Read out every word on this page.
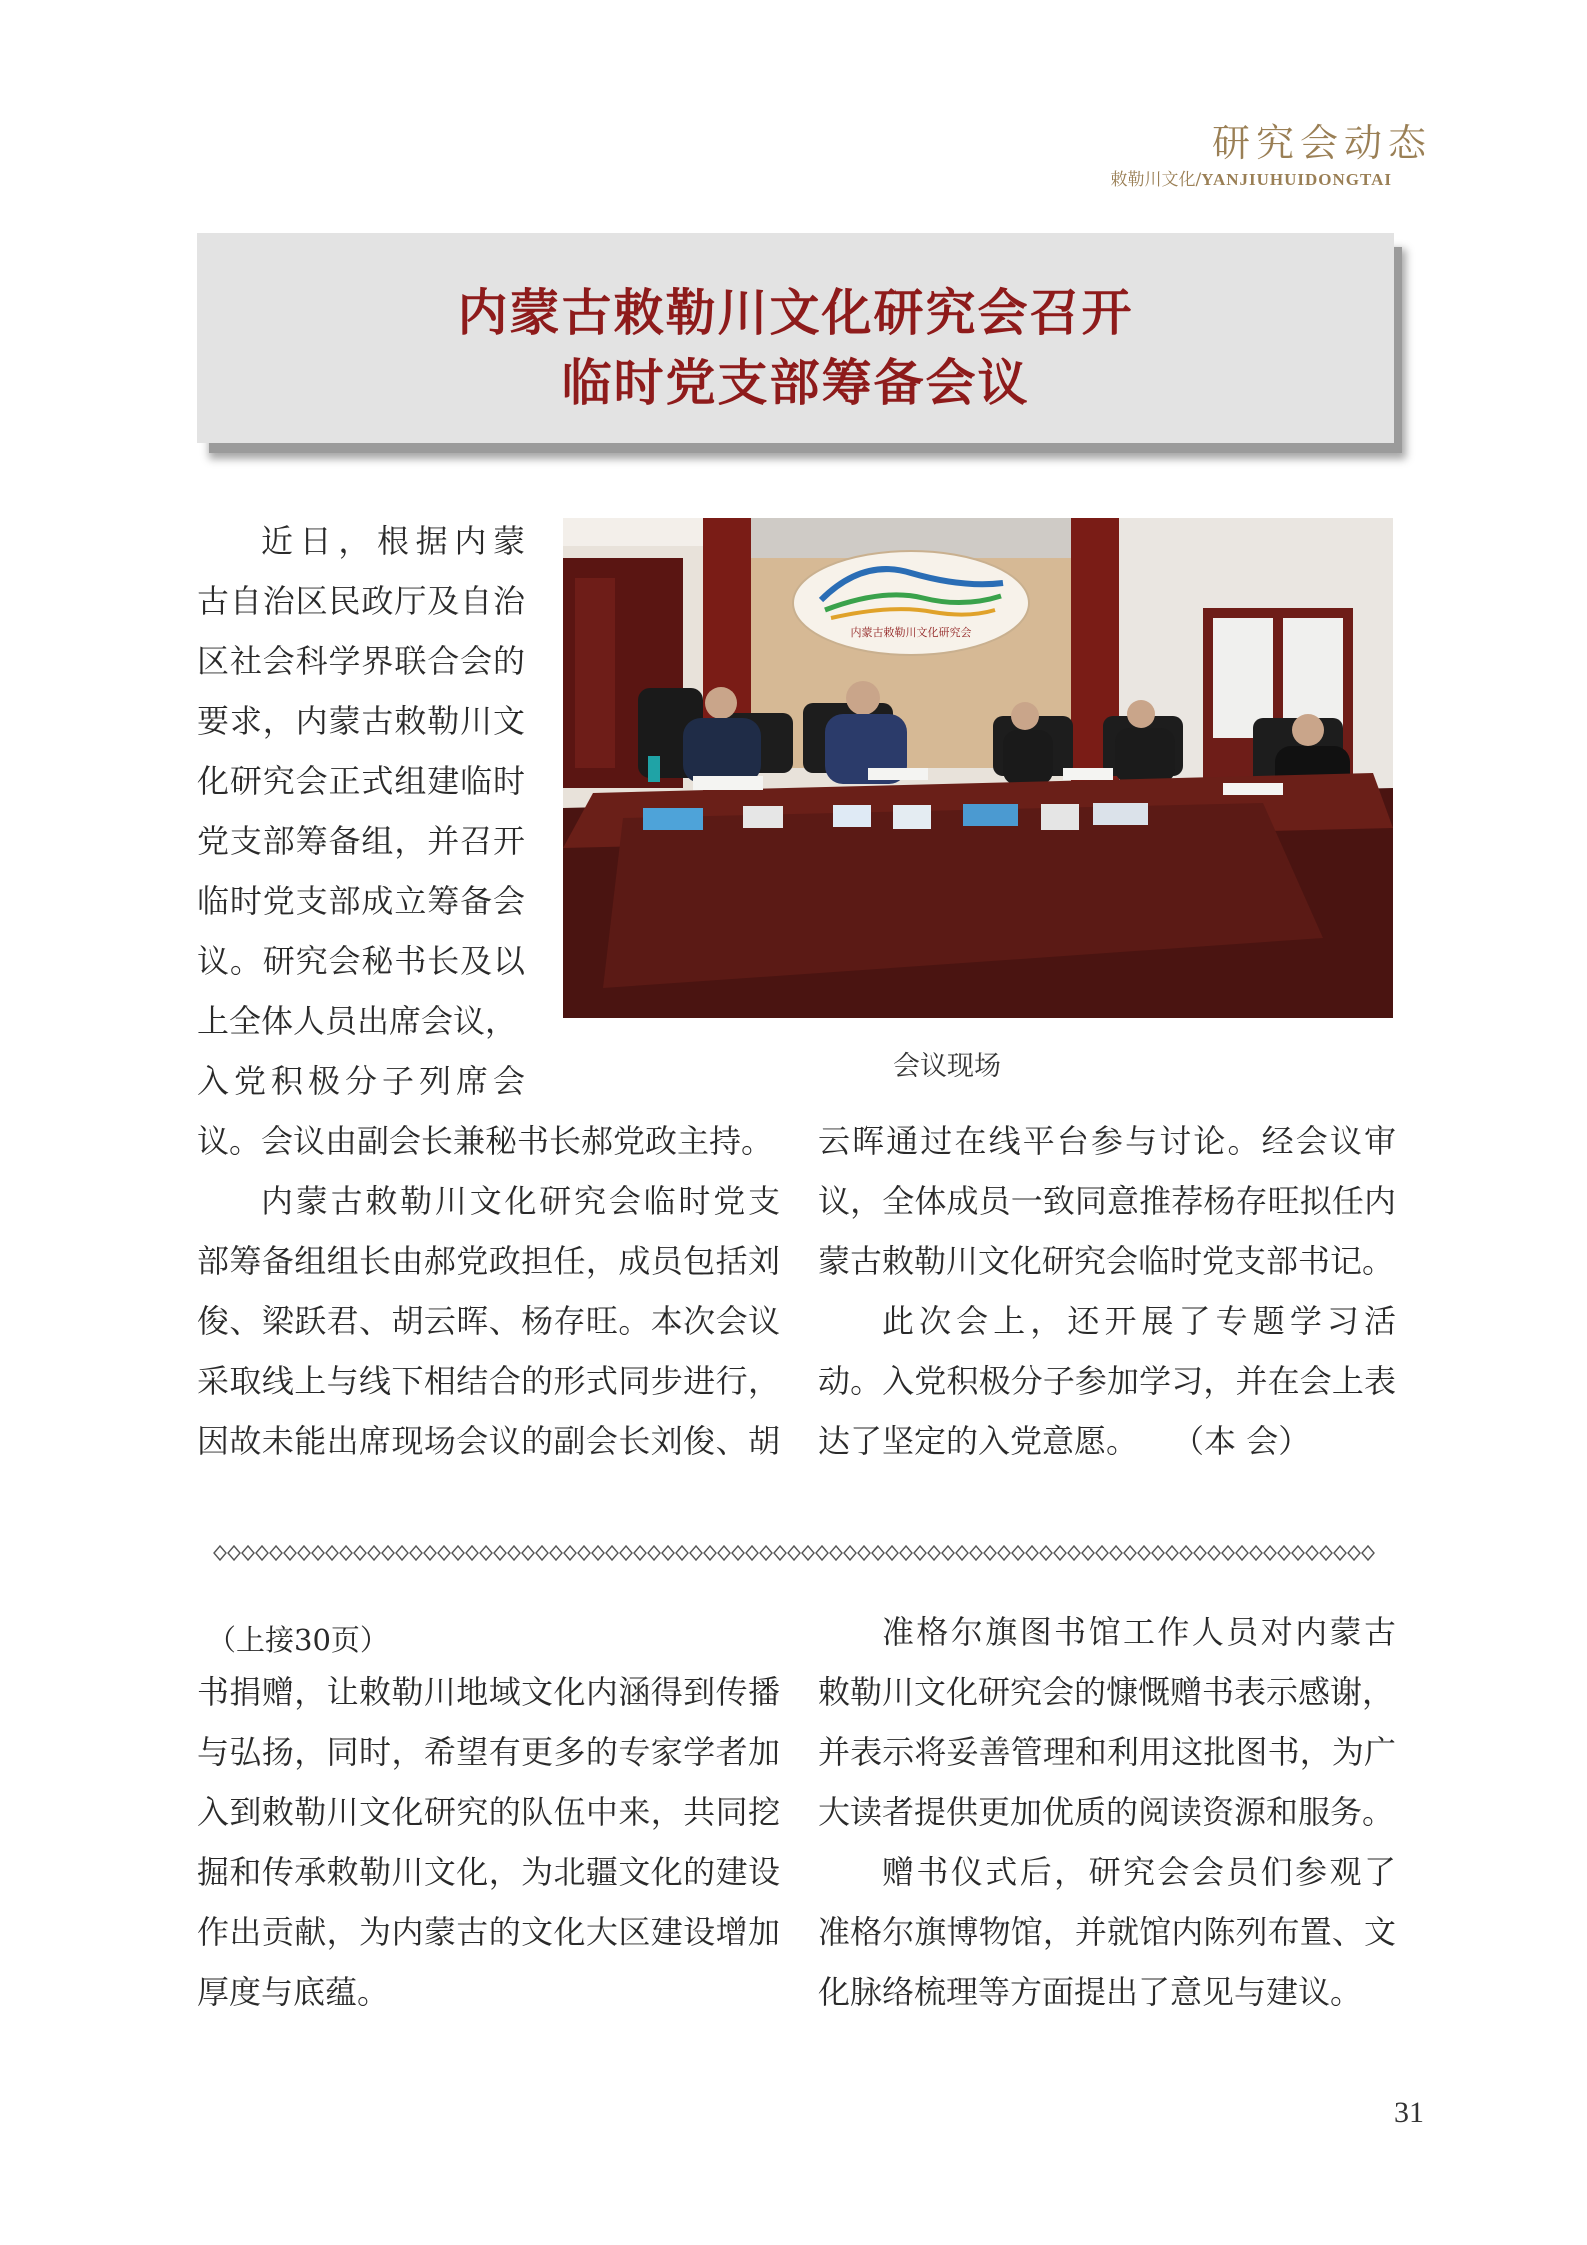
研究会动态
敕勒川文化/YANJIUHUIDONGTAI
内蒙古敕勒川文化研究会召开
临时党支部筹备会议
内蒙古敕勒川文化研究会
会议现场
近日，根据内蒙
古自治区民政厅及自治
区社会科学界联合会的
要求，内蒙古敕勒川文
化研究会正式组建临时
党支部筹备组，并召开
临时党支部成立筹备会
议。研究会秘书长及以
上全体人员出席会议，
入党积极分子列席会
议。会议由副会长兼秘书长郝党政主持。
内蒙古敕勒川文化研究会临时党支
部筹备组组长由郝党政担任，成员包括刘
俊、梁跃君、胡云晖、杨存旺。本次会议
采取线上与线下相结合的形式同步进行，
因故未能出席现场会议的副会长刘俊、胡
云晖通过在线平台参与讨论。经会议审
议，全体成员一致同意推荐杨存旺拟任内
蒙古敕勒川文化研究会临时党支部书记。
此次会上，还开展了专题学习活
动。入党积极分子参加学习，并在会上表
达了坚定的入党意愿。 （本 会）
（上接30页）
书捐赠，让敕勒川地域文化内涵得到传播
与弘扬，同时，希望有更多的专家学者加
入到敕勒川文化研究的队伍中来，共同挖
掘和传承敕勒川文化，为北疆文化的建设
作出贡献，为内蒙古的文化大区建设增加
厚度与底蕴。
准格尔旗图书馆工作人员对内蒙古
敕勒川文化研究会的慷慨赠书表示感谢，
并表示将妥善管理和利用这批图书，为广
大读者提供更加优质的阅读资源和服务。
赠书仪式后，研究会会员们参观了
准格尔旗博物馆，并就馆内陈列布置、文
化脉络梳理等方面提出了意见与建议。
31
